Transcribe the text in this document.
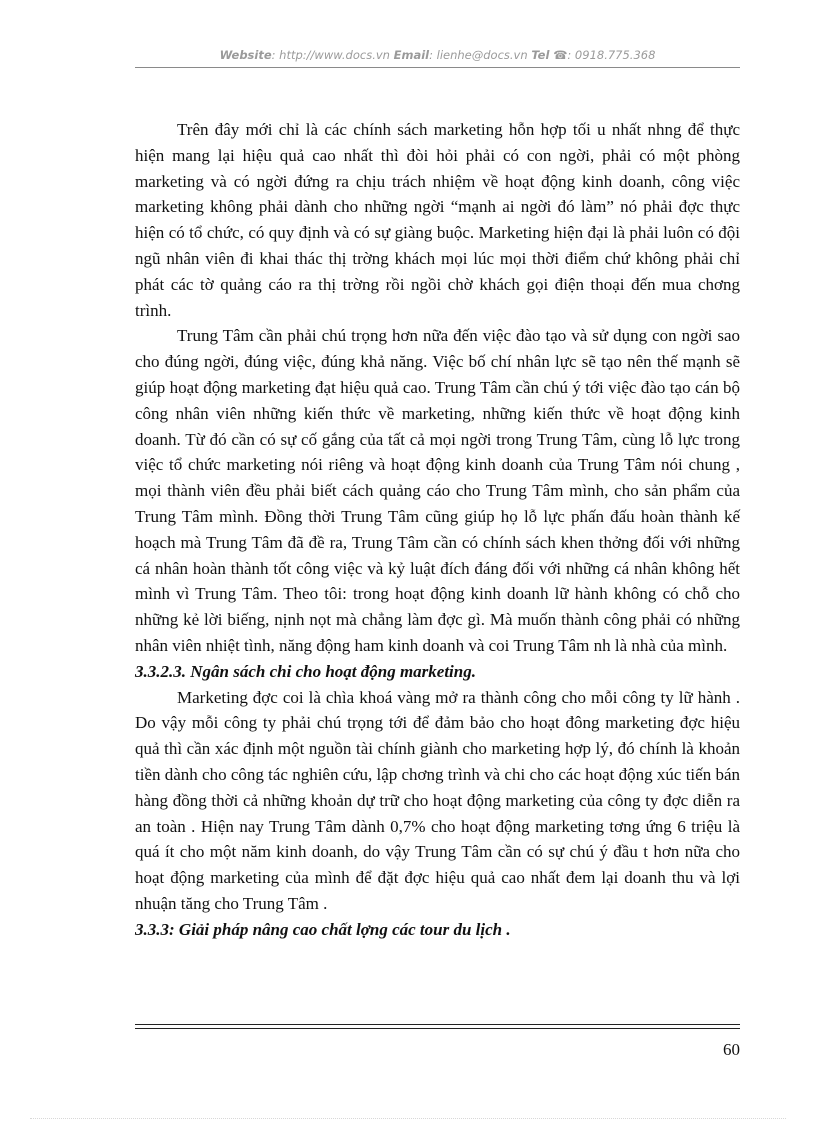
Website: http://www.docs.vn Email: lienhe@docs.vn Tel ☎: 0918.775.368

Trên đây mới chỉ là các chính sách marketing hỗn hợp tối u nhất nhng để thực hiện mang lại hiệu quả cao nhất thì đòi hỏi phải có con ngời, phải có một phòng marketing và có ngời đứng ra chịu trách nhiệm về hoạt động kinh doanh, công việc marketing không phải dành cho những ngời “mạnh ai ngời đó làm” nó phải đợc thực hiện có tổ chức, có quy định và có sự giàng buộc. Marketing hiện đại là phải luôn có đội ngũ nhân viên đi khai thác thị trờng khách mọi lúc mọi thời điểm chứ không phải chỉ phát các tờ quảng cáo ra thị trờng rồi ngồi chờ khách gọi điện thoại đến mua chơng trình.

Trung Tâm cần phải chú trọng hơn nữa đến việc đào tạo và sử dụng con ngời sao cho đúng ngời, đúng việc, đúng khả năng. Việc bố chí nhân lực sẽ tạo nên thế mạnh sẽ giúp hoạt động marketing đạt hiệu quả cao. Trung Tâm cần chú ý tới việc đào tạo cán bộ công nhân viên những kiến thức về marketing, những kiến thức về hoạt động kinh doanh. Từ đó cần có sự cố gắng của tất cả mọi ngời trong Trung Tâm, cùng lỗ lực trong việc tổ chức marketing nói riêng và hoạt động kinh doanh của Trung Tâm nói chung , mọi thành viên đều phải biết cách quảng cáo cho Trung Tâm mình, cho sản phẩm của Trung Tâm mình. Đồng thời Trung Tâm cũng giúp họ lỗ lực phấn đấu hoàn thành kế hoạch mà Trung Tâm đã đề ra, Trung Tâm cần có chính sách khen thởng đối với những cá nhân hoàn thành tốt công việc và kỷ luật đích đáng đối với những cá nhân không hết mình vì Trung Tâm. Theo tôi: trong hoạt động kinh doanh lữ hành không có chỗ cho những kẻ lời biếng, nịnh nọt mà chẳng làm đợc gì. Mà muốn thành công phải có những nhân viên nhiệt tình, năng động ham kinh doanh và coi Trung Tâm nh là nhà của mình.

3.3.2.3. Ngân sách chi cho hoạt động marketing.

Marketing đợc coi là chìa khoá vàng mở ra thành công cho mỗi công ty lữ hành . Do vậy mỗi công ty phải chú trọng tới để đảm bảo cho hoạt đông marketing đợc hiệu quả thì cần xác định một nguồn tài chính giành cho marketing hợp lý, đó chính là khoản tiền dành cho công tác nghiên cứu, lập chơng trình và chi cho các hoạt động xúc tiến bán hàng đồng thời cả những khoản dự trữ cho hoạt động marketing của công ty đợc diễn ra an toàn . Hiện nay Trung Tâm dành 0,7% cho hoạt động marketing tơng ứng 6 triệu là quá ít cho một năm kinh doanh, do vậy Trung Tâm cần có sự chú ý đầu t hơn nữa cho hoạt động marketing của mình để đặt đợc hiệu quả cao nhất đem lại doanh thu và lợi nhuận tăng cho Trung Tâm .

3.3.3: Giải pháp nâng cao chất lợng các tour du lịch .

60
